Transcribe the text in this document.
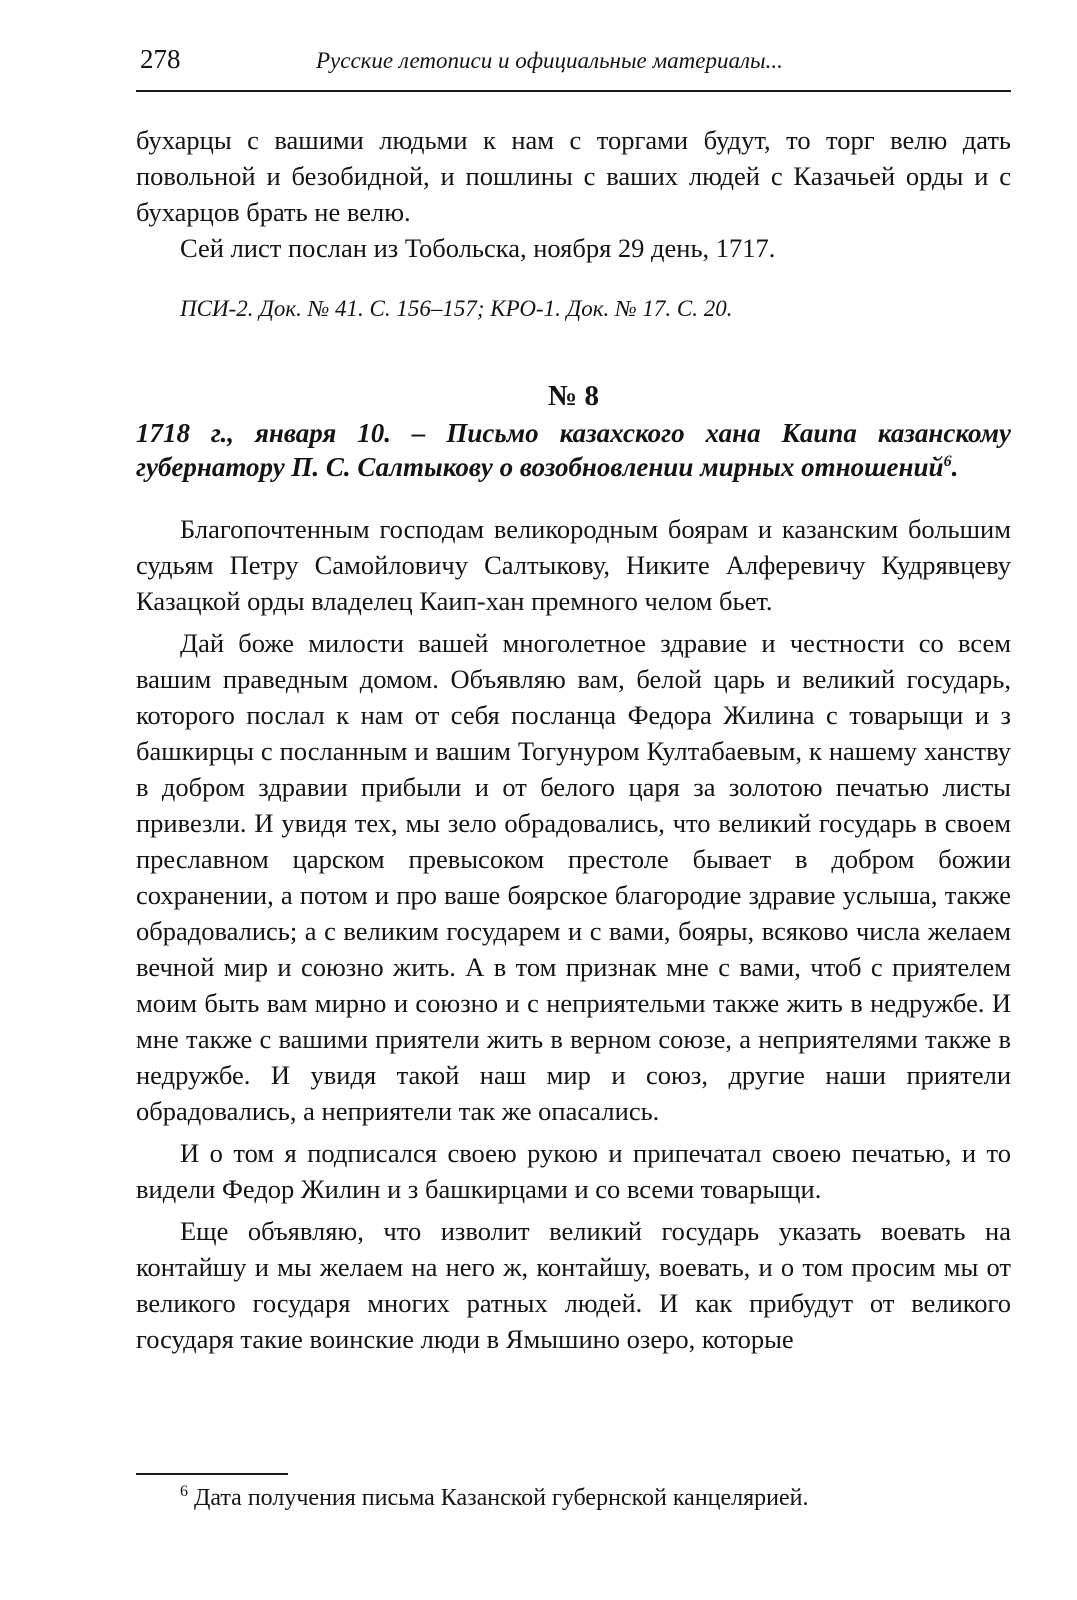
278	Русские летописи и официальные материалы...

бухарцы с вашими людьми к нам с торгами будут, то торг велю дать повольной и безобидной, и пошлины с ваших людей с Казачьей орды и с бухарцов брать не велю.

Сей лист послан из Тобольска, ноября 29 день, 1717.

ПСИ-2. Док. № 41. С. 156–157; КРО-1. Док. № 17. С. 20.

№ 8

1718 г., января 10. – Письмо казахского хана Каипа казанскому губернатору П. С. Салтыкову о возобновлении мирных отношений$^6$.

Благопочтенным господам великородным боярам и казанским большим судьям Петру Самойловичу Салтыкову, Никите Алферевичу Кудрявцеву Казацкой орды владелец Каип-хан премного челом бьет.

Дай боже милости вашей многолетное здравие и честности со всем вашим праведным домом. Объявляю вам, белой царь и великий государь, которого послал к нам от себя посланца Федора Жилина с товарыщи и з башкирцы с посланным и вашим Тогунуром Култабаевым, к нашему ханству в добром здравии прибыли и от белого царя за золотою печатью листы привезли. И увидя тех, мы зело обрадовались, что великий государь в своем преславном царском превысоком престоле бывает в добром божии сохранении, а потом и про ваше боярское благородие здравие услыша, также обрадовались; а с великим государем и с вами, бояры, всяково числа желаем вечной мир и союзно жить. А в том признак мне с вами, чтоб с приятелем моим быть вам мирно и союзно и с неприятельми также жить в недружбе. И мне также с вашими приятели жить в верном союзе, а неприятелями также в недружбе. И увидя такой наш мир и союз, другие наши приятели обрадовались, а неприятели так же опасались.

И о том я подписался своею рукою и припечатал своею печатью, и то видели Федор Жилин и з башкирцами и со всеми товарыщи.

Еще объявляю, что изволит великий государь указать воевать на контайшу и мы желаем на него ж, контайшу, воевать, и о том просим мы от великого государя многих ратных людей. И как прибудут от великого государя такие воинские люди в Ямышино озеро, которые

$^6$ Дата получения письма Казанской губернской канцелярией.
